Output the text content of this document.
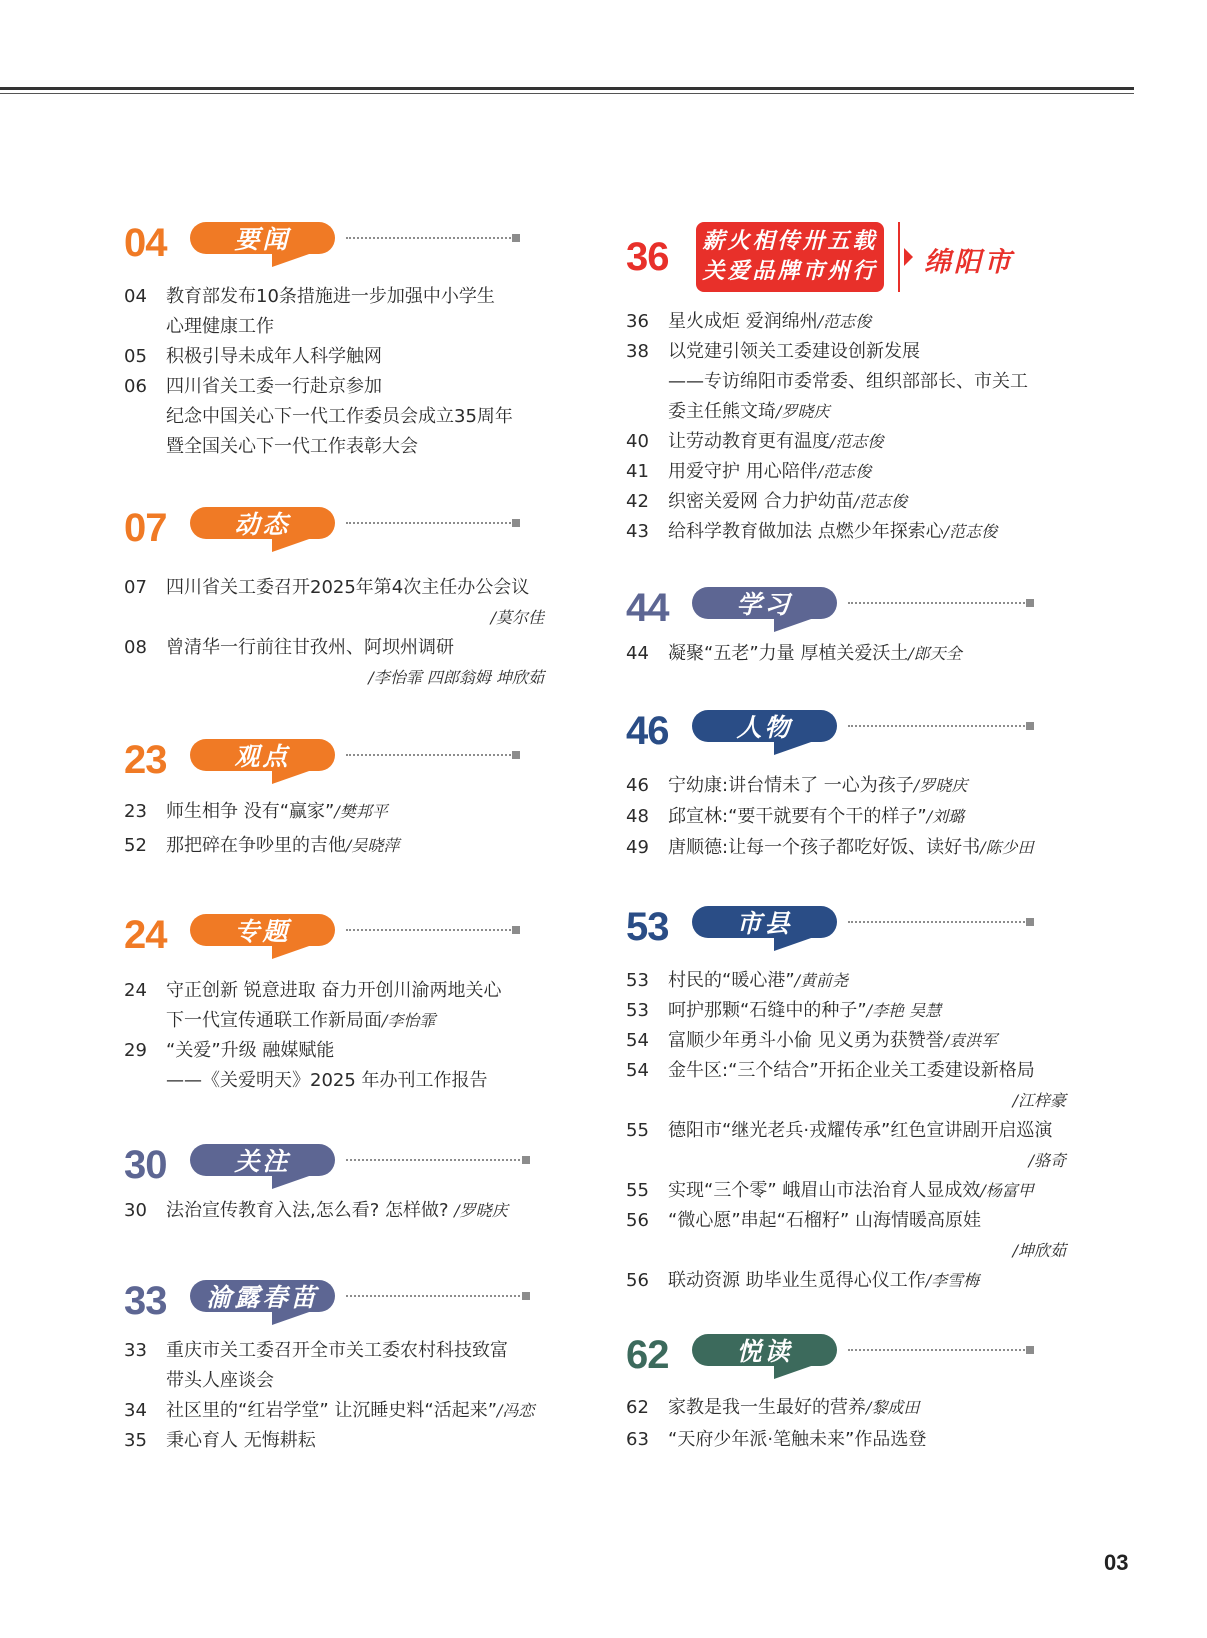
04	要闻
04	教育部发布10条措施进一步加强中小学生
心理健康工作
05	积极引导未成年人科学触网
06	四川省关工委一行赴京参加
纪念中国关心下一代工作委员会成立35周年
暨全国关心下一代工作表彰大会
07	动态
07	四川省关工委召开2025年第4次主任办公会议
/莫尔佳
08	曾清华一行前往甘孜州、阿坝州调研
/李怡霏 四郎翁姆 坤欣茹
23	观点
23	师生相争 没有“赢家”/樊邦平
52	那把碎在争吵里的吉他/吴晓萍
24	专题
24	守正创新 锐意进取 奋力开创川渝两地关心
下一代宣传通联工作新局面/李怡霏
29	“关爱”升级 融媒赋能
——《关爱明天》2025 年办刊工作报告
30	关注
30	法治宣传教育入法,怎么看? 怎样做? /罗晓庆
33 渝露春苗
33	重庆市关工委召开全市关工委农村科技致富
带头人座谈会
34	社区里的“红岩学堂” 让沉睡史料“活起来”/冯恋
35	秉心育人 无悔耕耘
36 薪火相传卅五载
关爱品牌市州行 绵阳市
36	星火成炬 爱润绵州/范志俊
38	以党建引领关工委建设创新发展
——专访绵阳市委常委、组织部部长、市关工
委主任熊文琦/罗晓庆
40	让劳动教育更有温度/范志俊
41	用爱守护 用心陪伴/范志俊
42	织密关爱网 合力护幼苗/范志俊
43	给科学教育做加法 点燃少年探索心/范志俊
44	学习
44	凝聚“五老”力量 厚植关爱沃土/郎天全
46	人物
46	宁幼康:讲台情未了 一心为孩子/罗晓庆
48	邱宣林:“要干就要有个干的样子”/刘璐
49	唐顺德:让每一个孩子都吃好饭、读好书/陈少田
53	市县
53	村民的“暖心港”/黄前尧
53	呵护那颗“石缝中的种子”/李艳 吴慧
54	富顺少年勇斗小偷 见义勇为获赞誉/袁洪军
54	金牛区:“三个结合”开拓企业关工委建设新格局
/江梓豪
55	德阳市“继光老兵·戎耀传承”红色宣讲剧开启巡演
/骆奇
55	实现“三个零” 峨眉山市法治育人显成效/杨富甲
56	“微心愿”串起“石榴籽” 山海情暖高原娃
/坤欣茹
56	联动资源 助毕业生觅得心仪工作/李雪梅
62	悦读
62	家教是我一生最好的营养/黎成田
63	“天府少年派·笔触未来”作品选登
03
